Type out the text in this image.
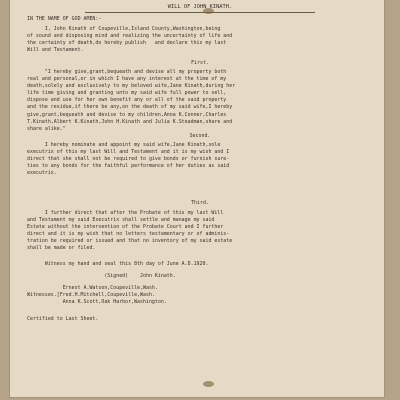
WILL OF JOHN KINATH.
IN THE NAME OF GOD AMEN:-
I, John Kinath of Coupeville,Island County,Washington,being
of sound and disposing mind and realizing the uncertainty of life and
the certainty of death,do hereby publish   and declare this my last
Will and Testament.
First.
"I hereby give,grant,bequeath and devise all my property both
real and personal,or in which I have any interest at the time of my
death,solely and exclusively to my beloved wife,Jane Kinath,during her
life time giving and granting unto my said wife full power to sell,
dispose and use for her own benefit any or all of the said property
and the residue,if there be any,on the death of my said wife,I hereby
give,grant,bequeath and devise to my children,Anna K.Conner,Charles
T.Kinath,Albert K.Kinath,John H.Kinath and Julia K.Steadman,share and
share alike."
Second.
I hereby nominate and appoint my said wife,Jane Kinath,sole
executrix of this my last Will and Testament and it is my wish and I
direct that she shall not be required to give bonds or furnish sure-
ties to any bonds for the faithful performance of her duties as said
executrix.
Third.
I further direct that after the Probate of this my last Will
and Testament my said Executrix shall settle and manage my said
Estate without the intervention of the Probate Court and I further
direct and it is my wish that no letters testamentary or of adminis-
tration be required or issued and that no inventory of my said estate
shall be made or filed.
Witness my hand and seal this 8th day of June A.D.1920.
(Signed)    John Kinath.
Ernest A.Watson,Coupeville,Wash.
Witnesses.[Fred.H.Mitchell,Coupeville,Wash.
Anna K.Scott,Oak Harbor,Washington.
Certified to Last Sheet.
